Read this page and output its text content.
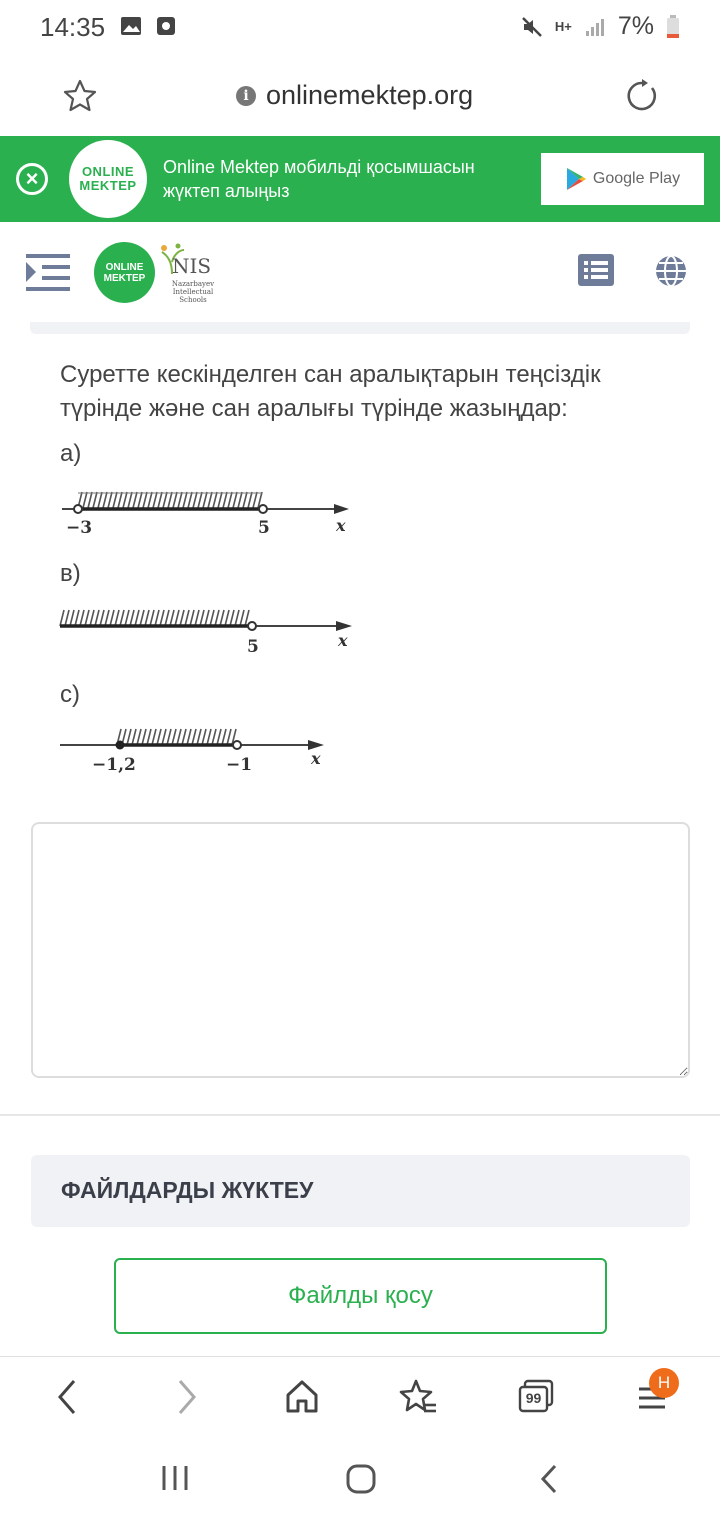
14:35	H+ 7%
i onlinemektep.org
×	ONLINE
MEKTEP
Online Mektep мобильді қосымшасын жүктеп алыңыз
Google Play
ONLINE
MEKTEP NIS
Nazarbayev Intellectual Schools
Суретте кескінделген сан аралықтарын теңсіздік түрінде және сан аралығы түрінде жазыңдар:
а)
−3	5	x
в)
5	x
с)
−1,2	−1	x
ФАЙЛДАРДЫ ЖҮКТЕУ
Файлды қосу
99
H
